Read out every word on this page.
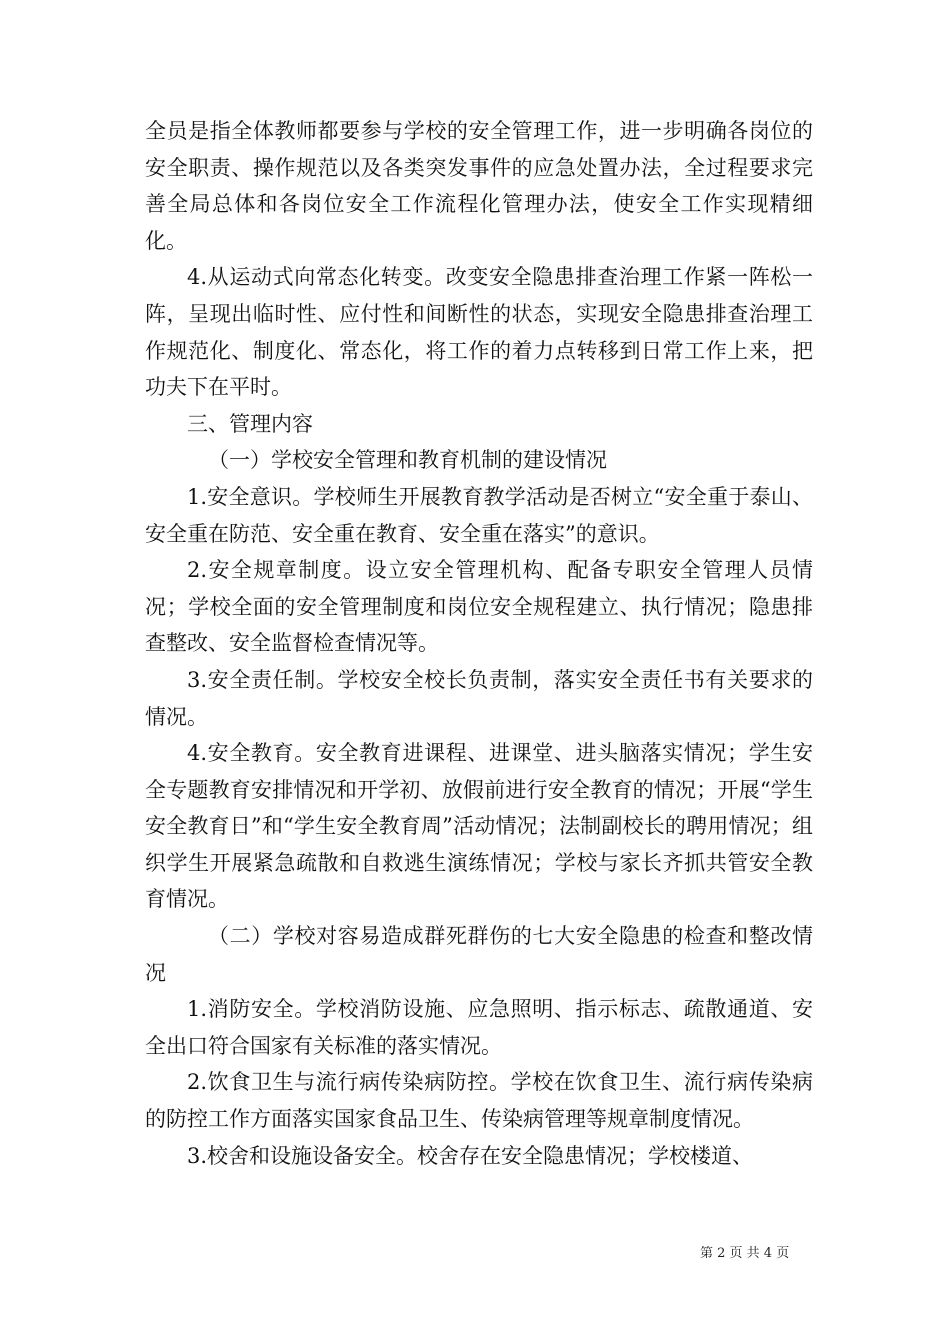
全员是指全体教师都要参与学校的安全管理工作，进一步明确各岗位的安全职责、操作规范以及各类突发事件的应急处置办法，全过程要求完善全局总体和各岗位安全工作流程化管理办法，使安全工作实现精细化。

4.从运动式向常态化转变。改变安全隐患排查治理工作紧一阵松一阵，呈现出临时性、应付性和间断性的状态，实现安全隐患排查治理工作规范化、制度化、常态化，将工作的着力点转移到日常工作上来，把功夫下在平时。

三、管理内容

（一）学校安全管理和教育机制的建设情况

1.安全意识。学校师生开展教育教学活动是否树立“安全重于泰山、安全重在防范、安全重在教育、安全重在落实”的意识。

2.安全规章制度。设立安全管理机构、配备专职安全管理人员情况；学校全面的安全管理制度和岗位安全规程建立、执行情况；隐患排查整改、安全监督检查情况等。

3.安全责任制。学校安全校长负责制，落实安全责任书有关要求的情况。

4.安全教育。安全教育进课程、进课堂、进头脑落实情况；学生安全专题教育安排情况和开学初、放假前进行安全教育的情况；开展“学生安全教育日”和“学生安全教育周”活动情况；法制副校长的聘用情况；组织学生开展紧急疏散和自救逃生演练情况；学校与家长齐抓共管安全教育情况。

（二）学校对容易造成群死群伤的七大安全隐患的检查和整改情况

1.消防安全。学校消防设施、应急照明、指示标志、疏散通道、安全出口符合国家有关标准的落实情况。

2.饮食卫生与流行病传染病防控。学校在饮食卫生、流行病传染病的防控工作方面落实国家食品卫生、传染病管理等规章制度情况。

3.校舍和设施设备安全。校舍存在安全隐患情况；学校楼道、

第 2 页 共 4 页
